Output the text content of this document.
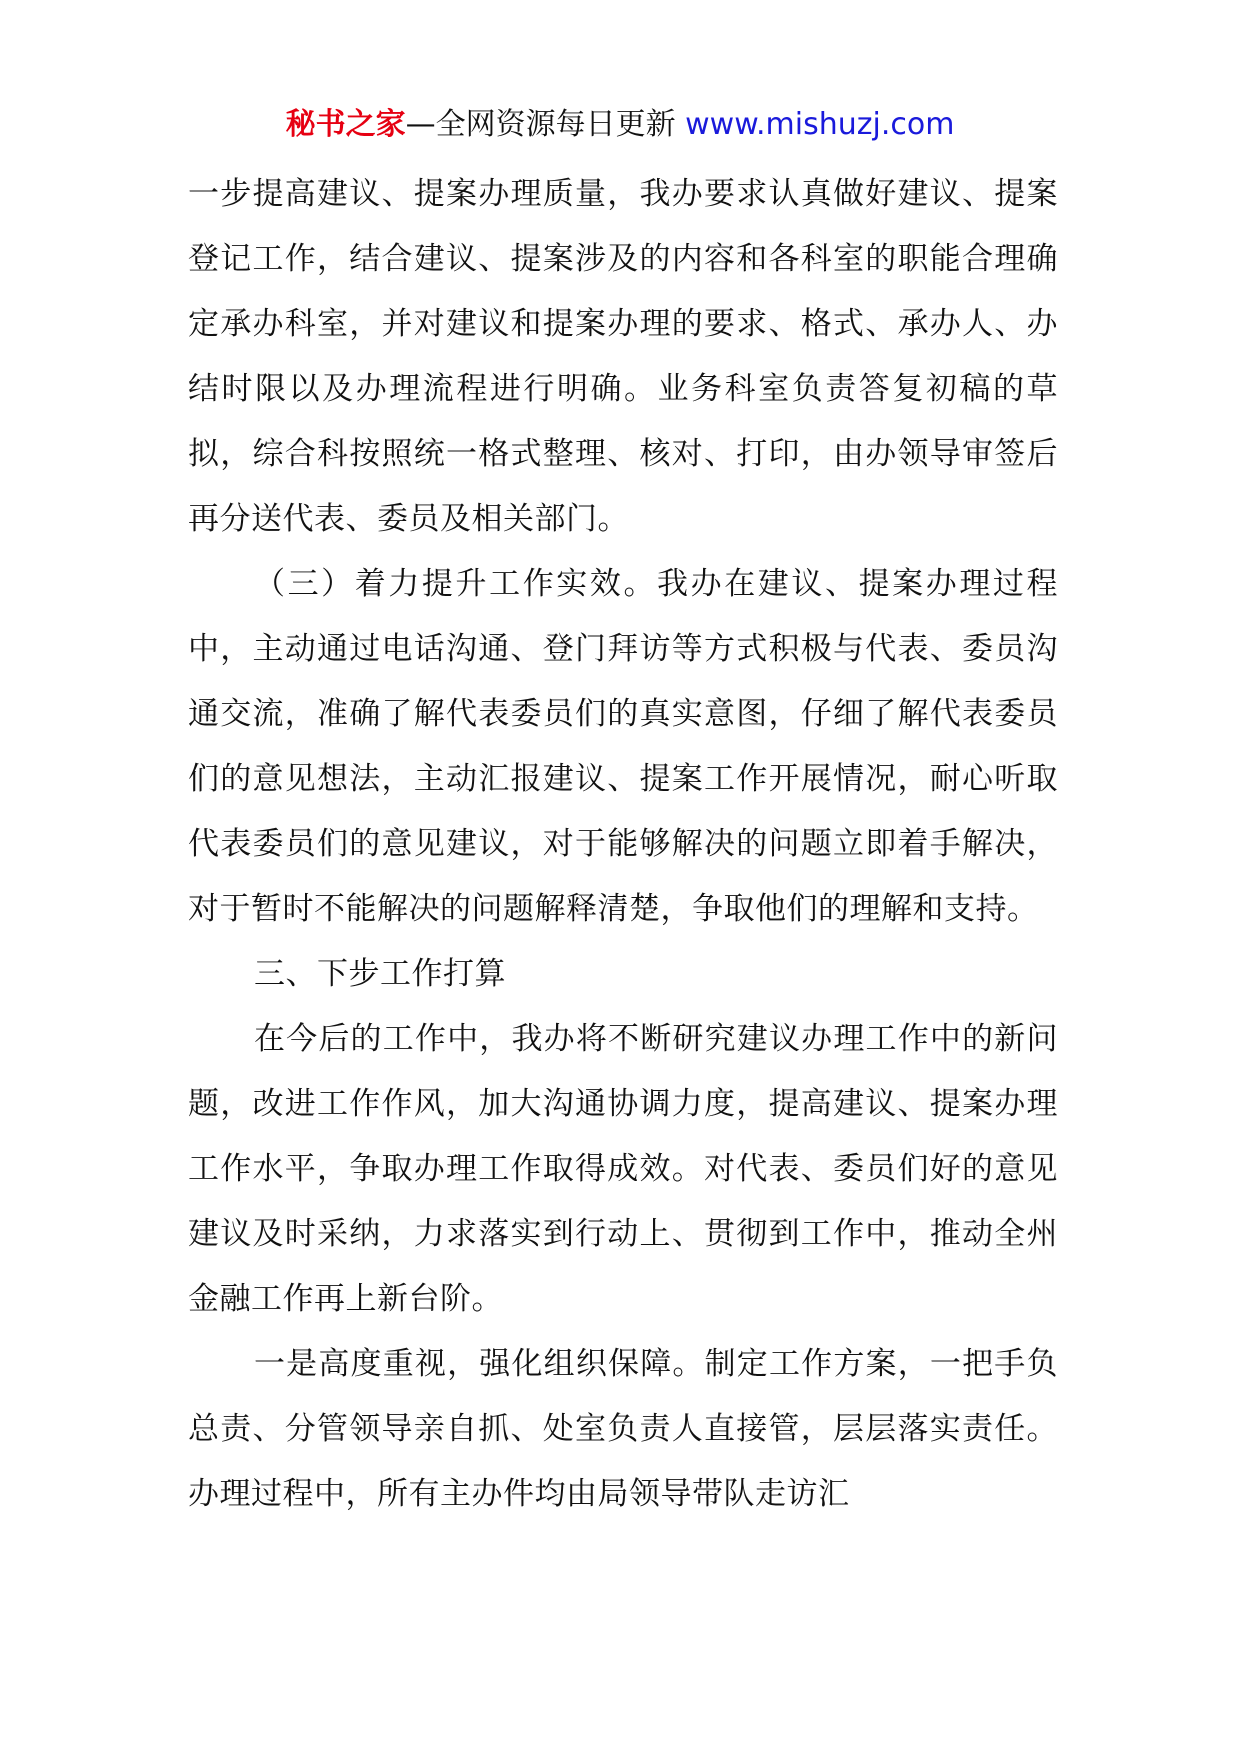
秘书之家—全网资源每日更新 www.mishuzj.com

一步提高建议、提案办理质量，我办要求认真做好建议、提案登记工作，结合建议、提案涉及的内容和各科室的职能合理确定承办科室，并对建议和提案办理的要求、格式、承办人、办结时限以及办理流程进行明确。业务科室负责答复初稿的草拟，综合科按照统一格式整理、核对、打印，由办领导审签后再分送代表、委员及相关部门。

（三）着力提升工作实效。我办在建议、提案办理过程中，主动通过电话沟通、登门拜访等方式积极与代表、委员沟通交流，准确了解代表委员们的真实意图，仔细了解代表委员们的意见想法，主动汇报建议、提案工作开展情况，耐心听取代表委员们的意见建议，对于能够解决的问题立即着手解决，对于暂时不能解决的问题解释清楚，争取他们的理解和支持。

三、下步工作打算

在今后的工作中，我办将不断研究建议办理工作中的新问题，改进工作作风，加大沟通协调力度，提高建议、提案办理工作水平，争取办理工作取得成效。对代表、委员们好的意见建议及时采纳，力求落实到行动上、贯彻到工作中，推动全州金融工作再上新台阶。

一是高度重视，强化组织保障。制定工作方案，一把手负总责、分管领导亲自抓、处室负责人直接管，层层落实责任。办理过程中，所有主办件均由局领导带队走访汇
